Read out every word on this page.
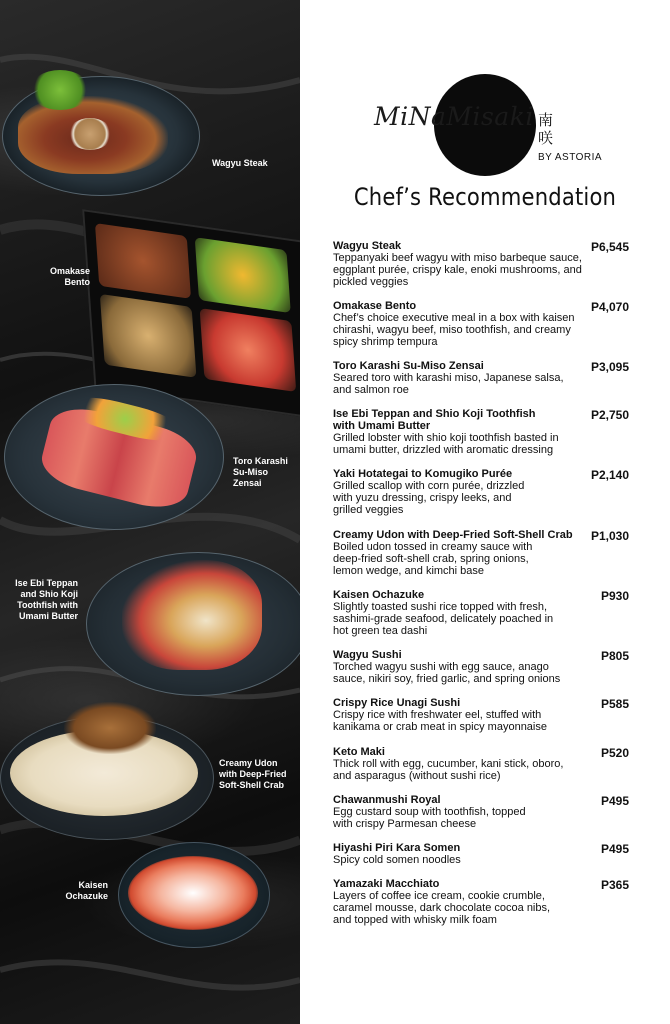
Wagyu Steak
Omakase Bento
Toro Karashi Su-Miso Zensai
Ise Ebi Teppan and Shio Koji Toothfish with Umami Butter
Creamy Udon with Deep-Fried Soft-Shell Crab
Kaisen Ochazuke
MiNaMisaki 南咲
BY ASTORIA
Chef’s Recommendation
Wagyu Steak
Teppanyaki beef wagyu with miso barbeque sauce, eggplant purée, crispy kale, enoki mushrooms, and pickled veggies
P6,545
Omakase Bento
Chef’s choice executive meal in a box with kaisen chirashi, wagyu beef, miso toothfish, and creamy spicy shrimp tempura
P4,070
Toro Karashi Su-Miso Zensai
Seared toro with karashi miso, Japanese salsa, and salmon roe
P3,095
Ise Ebi Teppan and Shio Koji Toothfish with Umami Butter
Grilled lobster with shio koji toothfish basted in umami butter, drizzled with aromatic dressing
P2,750
Yaki Hotategai to Komugiko Purée
Grilled scallop with corn purée, drizzled with yuzu dressing, crispy leeks, and grilled veggies
P2,140
Creamy Udon with Deep-Fried Soft-Shell Crab
Boiled udon tossed in creamy sauce with deep-fried soft-shell crab, spring onions, lemon wedge, and kimchi base
P1,030
Kaisen Ochazuke
Slightly toasted sushi rice topped with fresh, sashimi-grade seafood, delicately poached in hot green tea dashi
P930
Wagyu Sushi
Torched wagyu sushi with egg sauce, anago sauce, nikiri soy, fried garlic, and spring onions
P805
Crispy Rice Unagi Sushi
Crispy rice with freshwater eel, stuffed with kanikama or crab meat in spicy mayonnaise
P585
Keto Maki
Thick roll with egg, cucumber, kani stick, oboro, and asparagus (without sushi rice)
P520
Chawanmushi Royal
Egg custard soup with toothfish, topped with crispy Parmesan cheese
P495
Hiyashi Piri Kara Somen
Spicy cold somen noodles
P495
Yamazaki Macchiato
Layers of coffee ice cream, cookie crumble, caramel mousse, dark chocolate cocoa nibs, and topped with whisky milk foam
P365
